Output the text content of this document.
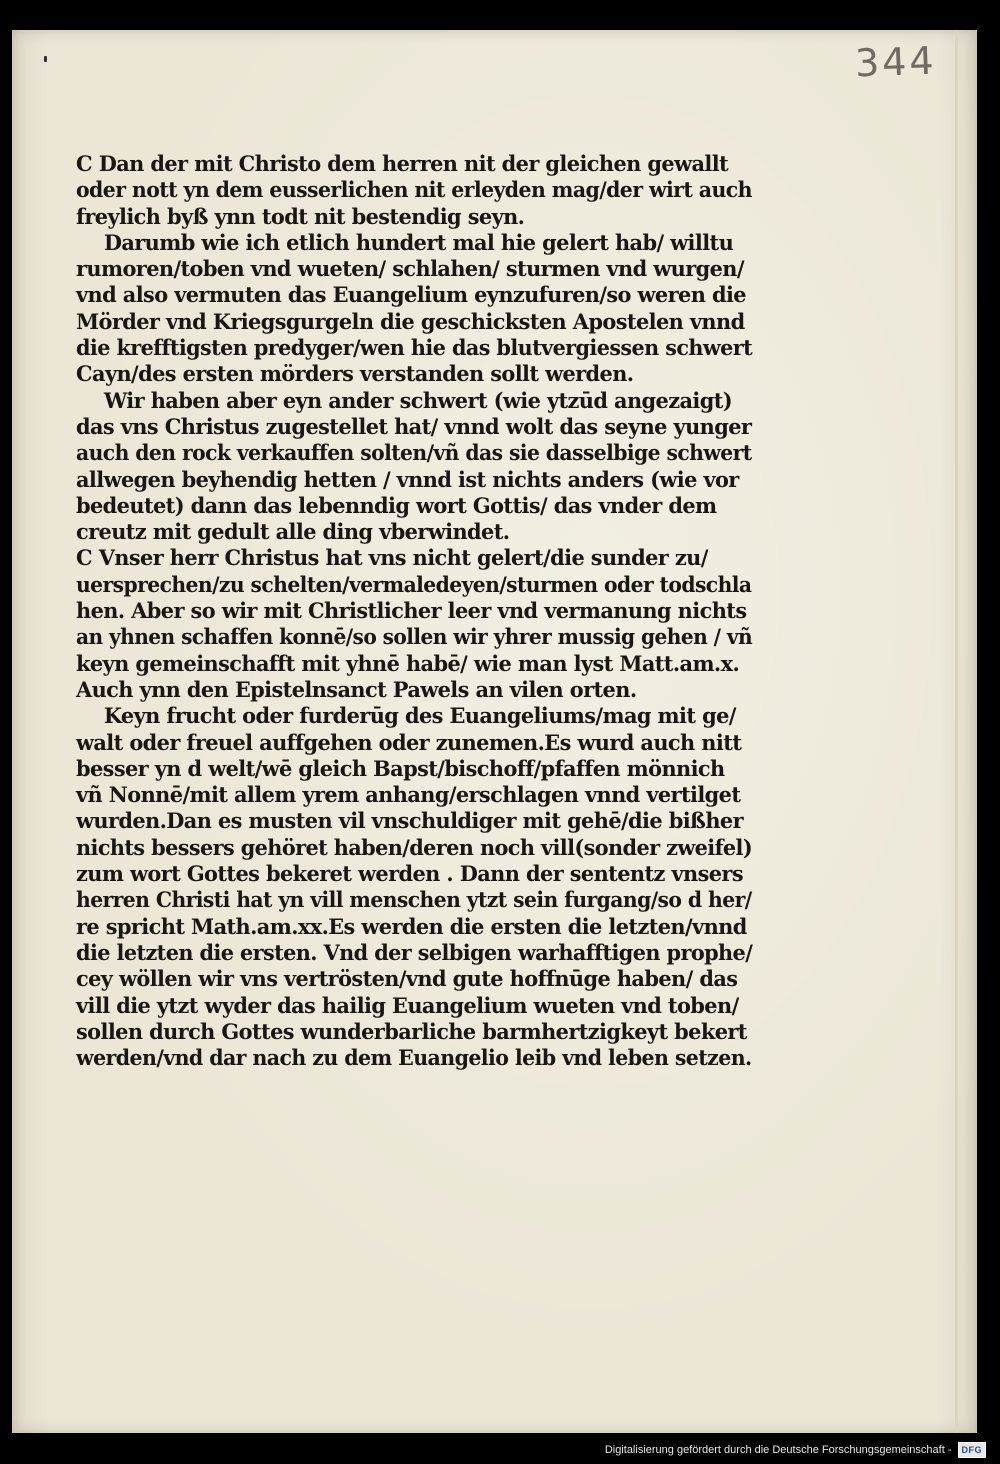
344
C Dan der mit Christo dem herren nit der gleichen gewallt
oder nott yn dem eusserlichen nit erleyden mag/der wirt auch
freylich byß ynn todt nit bestendig seyn.
Darumb wie ich etlich hundert mal hie gelert hab/ willtu
rumoren/toben vnd wueten/ schlahen/ sturmen vnd wurgen/
vnd also vermuten das Euangelium eynzufuren/so weren die
Mörder vnd Kriegsgurgeln die geschicksten Apostelen vnnd
die krefftigsten predyger/wen hie das blutvergiessen schwert
Cayn/des ersten mörders verstanden sollt werden.
Wir haben aber eyn ander schwert (wie ytzūd angezaigt)
das vns Christus zugestellet hat/ vnnd wolt das seyne yunger
auch den rock verkauffen solten/vñ das sie dasselbige schwert
allwegen beyhendig hetten / vnnd ist nichts anders (wie vor
bedeutet) dann das lebenndig wort Gottis/ das vnder dem
creutz mit gedult alle ding vberwindet.
C Vnser herr Christus hat vns nicht gelert/die sunder zu/
uersprechen/zu schelten/vermaledeyen/sturmen oder todschla
hen. Aber so wir mit Christlicher leer vnd vermanung nichts
an yhnen schaffen konnē/so sollen wir yhrer mussig gehen / vñ
keyn gemeinschafft mit yhnē habē/ wie man lyst Matt.am.x.
Auch ynn den Epistelnsanct Pawels an vilen orten.
Keyn frucht oder furderūg des Euangeliums/mag mit ge/
walt oder freuel auffgehen oder zunemen.Es wurd auch nitt
besser yn d welt/wē gleich Bapst/bischoff/pfaffen mönnich
vñ Nonnē/mit allem yrem anhang/erschlagen vnnd vertilget
wurden.Dan es musten vil vnschuldiger mit gehē/die bißher
nichts bessers gehöret haben/deren noch vill(sonder zweifel)
zum wort Gottes bekeret werden . Dann der sententz vnsers
herren Christi hat yn vill menschen ytzt sein furgang/so d her/
re spricht Math.am.xx.Es werden die ersten die letzten/vnnd
die letzten die ersten. Vnd der selbigen warhafftigen prophe/
cey wöllen wir vns vertrösten/vnd gute hoffnūge haben/ das
vill die ytzt wyder das hailig Euangelium wueten vnd toben/
sollen durch Gottes wunderbarliche barmhertzigkeyt bekert
werden/vnd dar nach zu dem Euangelio leib vnd leben setzen.
Digitalisierung gefördert durch die Deutsche Forschungsgemeinschaft -	DFG
